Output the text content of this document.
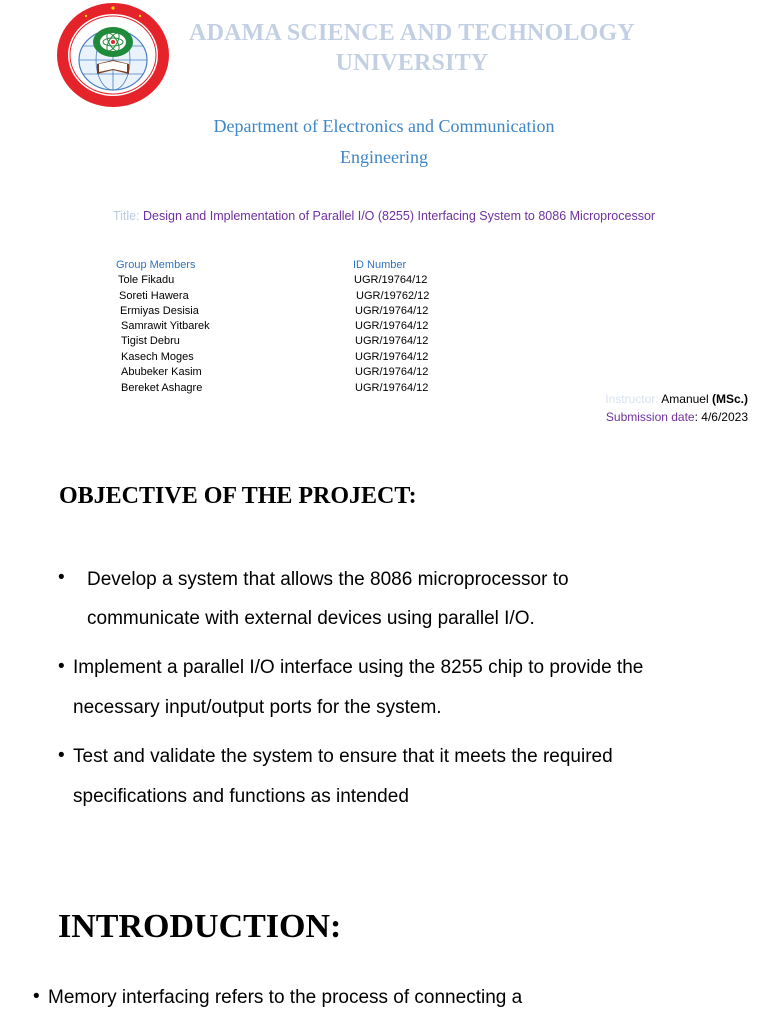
ADAMA SCIENCE AND TECHNOLOGY
UNIVERSITY
Department of Electronics and Communication
Engineering
Title: Design and Implementation of Parallel I/O (8255) Interfacing System to 8086 Microprocessor
Group Members	ID Number
Tole Fikadu	UGR/19764/12
Soreti Hawera	UGR/19762/12
Ermiyas Desisia	UGR/19764/12
Samrawit Yitbarek	UGR/19764/12
Tigist Debru	UGR/19764/12
Kasech Moges	UGR/19764/12
Abubeker Kasim	UGR/19764/12
Bereket Ashagre	UGR/19764/12
Instructor: Amanuel (MSc.)
Submission date: 4/6/2023
OBJECTIVE OF THE PROJECT:
• Develop a system that allows the 8086 microprocessor to
communicate with external devices using parallel I/O.
• Implement a parallel I/O interface using the 8255 chip to provide the
necessary input/output ports for the system.
• Test and validate the system to ensure that it meets the required
specifications and functions as intended
INTRODUCTION:
• Memory interfacing refers to the process of connecting a
